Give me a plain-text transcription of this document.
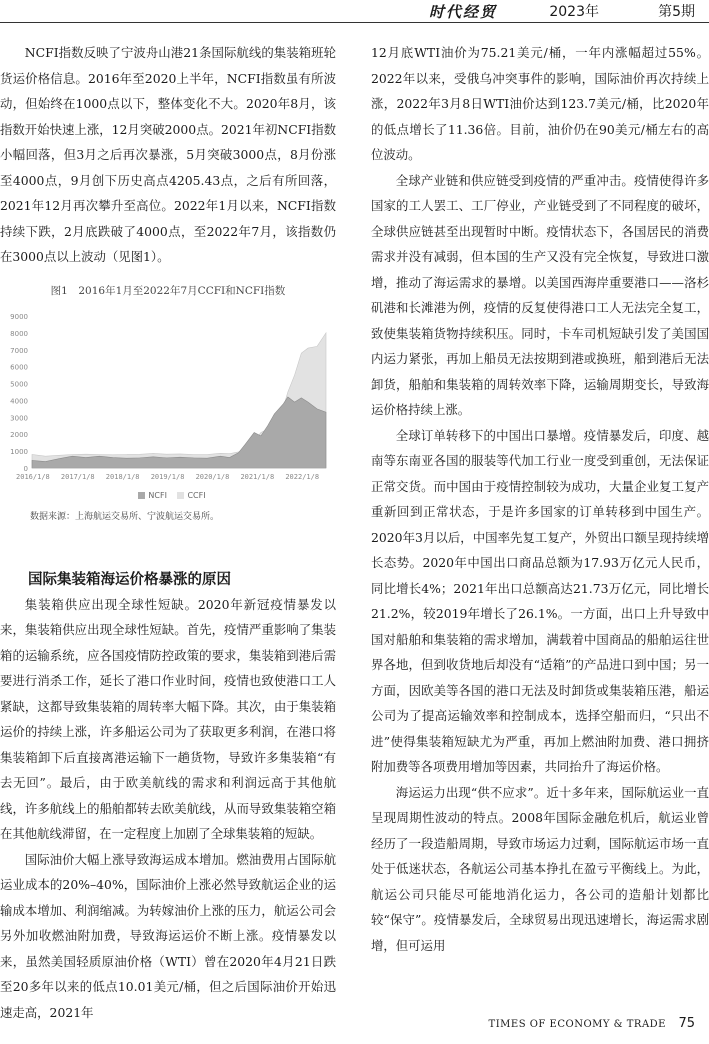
时代经贸	2023年	第5期

NCFI指数反映了宁波舟山港21条国际航线的集装箱班轮货运价格信息。2016年至2020上半年，NCFI指数虽有所波动，但始终在1000点以下，整体变化不大。2020年8月，该指数开始快速上涨，12月突破2000点。2021年初NCFI指数小幅回落，但3月之后再次暴涨，5月突破3000点，8月份涨至4000点，9月创下历史高点4205.43点，之后有所回落，2021年12月再次攀升至高位。2022年1月以来，NCFI指数持续下跌，2月底跌破了4000点，至2022年7月，该指数仍在3000点以上波动（见图1）。

图1　2016年1月至2022年7月CCFI和NCFI指数
0
1000
2000
3000
4000
5000
6000
7000
8000
9000
2016/1/8 2017/1/8 2018/1/8 2019/1/8 2020/1/8 2021/1/8 2022/1/8
NCFI	CCFI
数据来源：上海航运交易所、宁波航运交易所。
国际集装箱海运价格暴涨的原因

集装箱供应出现全球性短缺。2020年新冠疫情暴发以来，集装箱供应出现全球性短缺。首先，疫情严重影响了集装箱的运输系统，应各国疫情防控政策的要求，集装箱到港后需要进行消杀工作，延长了港口作业时间，疫情也致使港口工人紧缺，这都导致集装箱的周转率大幅下降。其次，由于集装箱运价的持续上涨，许多船运公司为了获取更多利润，在港口将集装箱卸下后直接离港运输下一趟货物，导致许多集装箱“有去无回”。最后，由于欧美航线的需求和利润远高于其他航线，许多航线上的船舶都转去欧美航线，从而导致集装箱空箱在其他航线滞留，在一定程度上加剧了全球集装箱的短缺。

国际油价大幅上涨导致海运成本增加。燃油费用占国际航运业成本的20%–40%，国际油价上涨必然导致航运企业的运输成本增加、利润缩减。为转嫁油价上涨的压力，航运公司会另外加收燃油附加费，导致海运运价不断上涨。疫情暴发以来，虽然美国轻质原油价格（WTI）曾在2020年4月21日跌至20多年以来的低点10.01美元/桶，但之后国际油价开始迅速走高，2021年

12月底WTI油价为75.21美元/桶，一年内涨幅超过55%。2022年以来，受俄乌冲突事件的影响，国际油价再次持续上涨，2022年3月8日WTI油价达到123.7美元/桶，比2020年的低点增长了11.36倍。目前，油价仍在90美元/桶左右的高位波动。

全球产业链和供应链受到疫情的严重冲击。疫情使得许多国家的工人罢工、工厂停业，产业链受到了不同程度的破坏，全球供应链甚至出现暂时中断。疫情状态下，各国居民的消费需求并没有减弱，但本国的生产又没有完全恢复，导致进口激增，推动了海运需求的暴增。以美国西海岸重要港口——洛杉矶港和长滩港为例，疫情的反复使得港口工人无法完全复工，致使集装箱货物持续积压。同时，卡车司机短缺引发了美国国内运力紧张，再加上船员无法按期到港或换班，船到港后无法卸货，船舶和集装箱的周转效率下降，运输周期变长，导致海运价格持续上涨。

全球订单转移下的中国出口暴增。疫情暴发后，印度、越南等东南亚各国的服装等代加工行业一度受到重创，无法保证正常交货。而中国由于疫情控制较为成功，大量企业复工复产重新回到正常状态，于是许多国家的订单转移到中国生产。2020年3月以后，中国率先复工复产，外贸出口额呈现持续增长态势。2020年中国出口商品总额为17.93万亿元人民币，同比增长4%；2021年出口总额高达21.73万亿元，同比增长21.2%，较2019年增长了26.1%。一方面，出口上升导致中国对船舶和集装箱的需求增加，满载着中国商品的船舶运往世界各地，但到收货地后却没有“适箱”的产品进口到中国；另一方面，因欧美等各国的港口无法及时卸货或集装箱压港，船运公司为了提高运输效率和控制成本，选择空船而归，“只出不进”使得集装箱短缺尤为严重，再加上燃油附加费、港口拥挤附加费等各项费用增加等因素，共同抬升了海运价格。

海运运力出现“供不应求”。近十多年来，国际航运业一直呈现周期性波动的特点。2008年国际金融危机后，航运业曾经历了一段造船周期，导致市场运力过剩，国际航运市场一直处于低迷状态，各航运公司基本挣扎在盈亏平衡线上。为此，航运公司只能尽可能地消化运力，各公司的造船计划都比较“保守”。疫情暴发后，全球贸易出现迅速增长，海运需求剧增，但可运用

TIMES OF ECONOMY & TRADE 75
